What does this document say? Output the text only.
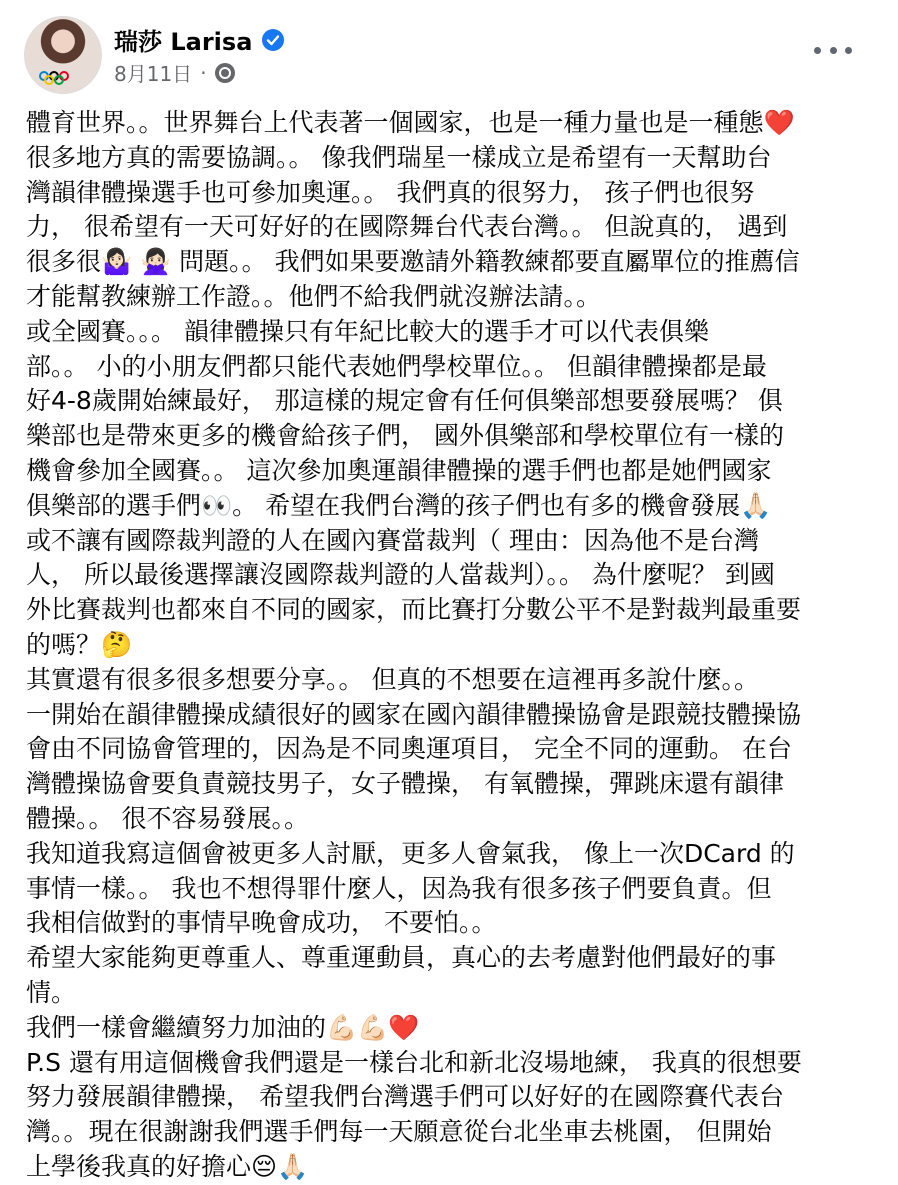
瑞莎 Larisa
8月11日 ·
體育世界。。世界舞台上代表著一個國家，也是一種力量也是一種態❤️
很多地方真的需要協調。。 像我們瑞星一樣成立是希望有一天幫助台
灣韻律體操選手也可參加奧運。。 我們真的很努力， 孩子們也很努
力， 很希望有一天可好好的在國際舞台代表台灣。。 但說真的， 遇到
很多很🤷🏻‍♀️ 🙅🏻‍♀️ 問題。。 我們如果要邀請外籍教練都要直屬單位的推薦信
才能幫教練辦工作證。。他們不給我們就沒辦法請。。
或全國賽。。。 韻律體操只有年紀比較大的選手才可以代表俱樂
部。。 小的小朋友們都只能代表她們學校單位。。 但韻律體操都是最
好4-8歲開始練最好， 那這樣的規定會有任何俱樂部想要發展嗎？ 俱
樂部也是帶來更多的機會給孩子們， 國外俱樂部和學校單位有一樣的
機會參加全國賽。。 這次參加奧運韻律體操的選手們也都是她們國家
俱樂部的選手們👀。 希望在我們台灣的孩子們也有多的機會發展🙏🏻
或不讓有國際裁判證的人在國內賽當裁判（ 理由：因為他不是台灣
人， 所以最後選擇讓沒國際裁判證的人當裁判）。。 為什麼呢？ 到國
外比賽裁判也都來自不同的國家，而比賽打分數公平不是對裁判最重要
的嗎？🤔
其實還有很多很多想要分享。。 但真的不想要在這裡再多說什麼。。
一開始在韻律體操成績很好的國家在國內韻律體操協會是跟競技體操協
會由不同協會管理的，因為是不同奧運項目， 完全不同的運動。 在台
灣體操協會要負責競技男子，女子體操， 有氧體操，彈跳床還有韻律
體操。。 很不容易發展。。
我知道我寫這個會被更多人討厭，更多人會氣我， 像上一次DCard 的
事情一樣。。 我也不想得罪什麼人，因為我有很多孩子們要負責。但
我相信做對的事情早晚會成功， 不要怕。。
希望大家能夠更尊重人、尊重運動員，真心的去考慮對他們最好的事
情。
我們一樣會繼續努力加油的💪🏻💪🏻❤️
P.S 還有用這個機會我們還是一樣台北和新北沒場地練， 我真的很想要
努力發展韻律體操， 希望我們台灣選手們可以好好的在國際賽代表台
灣。。現在很謝謝我們選手們每一天願意從台北坐車去桃園， 但開始
上學後我真的好擔心😔🙏🏻
